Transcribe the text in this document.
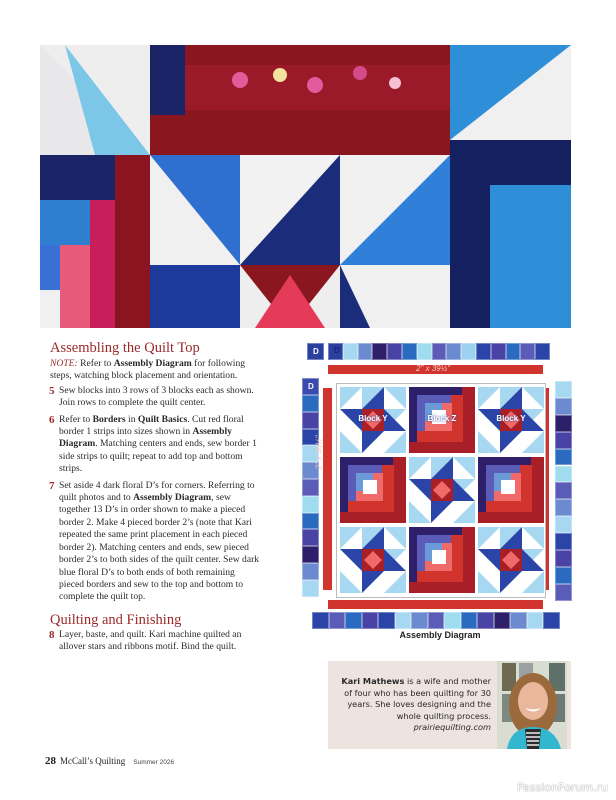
Assembling the Quilt Top

NOTE: Refer to Assembly Diagram for following steps, watching block placement and orientation.

5 Sew blocks into 3 rows of 3 blocks each as shown. Join rows to complete the quilt center.

6 Refer to Borders in Quilt Basics. Cut red floral border 1 strips into sizes shown in Assembly Diagram. Matching centers and ends, sew border 1 side strips to quilt; repeat to add top and bottom strips.

7 Set aside 4 dark floral D’s for corners. Referring to quilt photos and to Assembly Diagram, sew together 13 D’s in order shown to make a pieced border 2. Make 4 pieced border 2’s (note that Kari repeated the same print placement in each pieced border 2). Matching centers and ends, sew pieced border 2’s to both sides of the quilt center. Sew dark blue floral D’s to both ends of both remaining pieced borders and sew to the top and bottom to complete the quilt top.

Quilting and Finishing

8 Layer, baste, and quilt. Kari machine quilted an allover stars and ribbons motif. Bind the quilt.

D D
2" x 39½"
D
2" x 36½"
Block Y	Block Z	Block Y
Assembly Diagram
Kari Mathews is a wife and mother of four who has been quilting for 30 years. She loves designing and the whole quilting process.
prairiequilting.com
28 McCall’s Quilting Summer 2026
PassionForum.ru
